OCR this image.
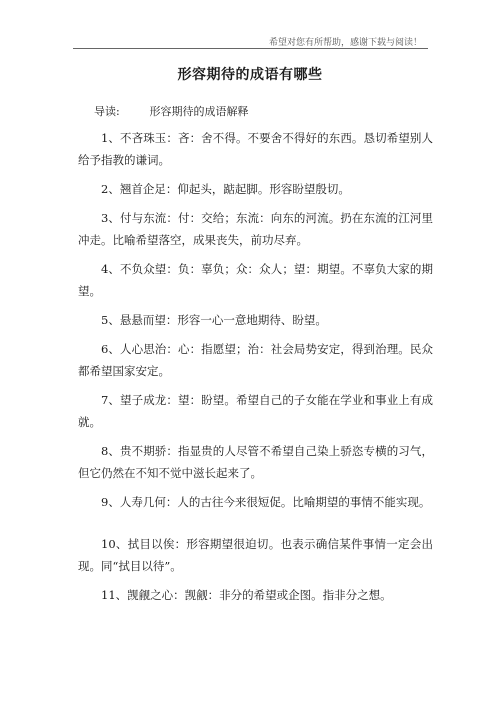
希望对您有所帮助，感谢下载与阅读！
形容期待的成语有哪些
导读:	形容期待的成语解释

1、不吝珠玉：吝：舍不得。不要舍不得好的东西。恳切希望别人给予指教的谦词。

2、翘首企足：仰起头，踮起脚。形容盼望殷切。

3、付与东流：付：交给；东流：向东的河流。扔在东流的江河里冲走。比喻希望落空，成果丧失，前功尽弃。

4、不负众望：负：辜负；众：众人；望：期望。不辜负大家的期望。

5、悬悬而望：形容一心一意地期待、盼望。

6、人心思治：心：指愿望；治：社会局势安定，得到治理。民众都希望国家安定。

7、望子成龙：望：盼望。希望自己的子女能在学业和事业上有成就。

8、贵不期骄：指显贵的人尽管不希望自己染上骄恣专横的习气，但它仍然在不知不觉中滋长起来了。

9、人寿几何：人的古往今来很短促。比喻期望的事情不能实现。

10、拭目以俟：形容期望很迫切。也表示确信某件事情一定会出现。同“拭目以待”。

11、觊觎之心：觊觎：非分的希望或企图。指非分之想。
